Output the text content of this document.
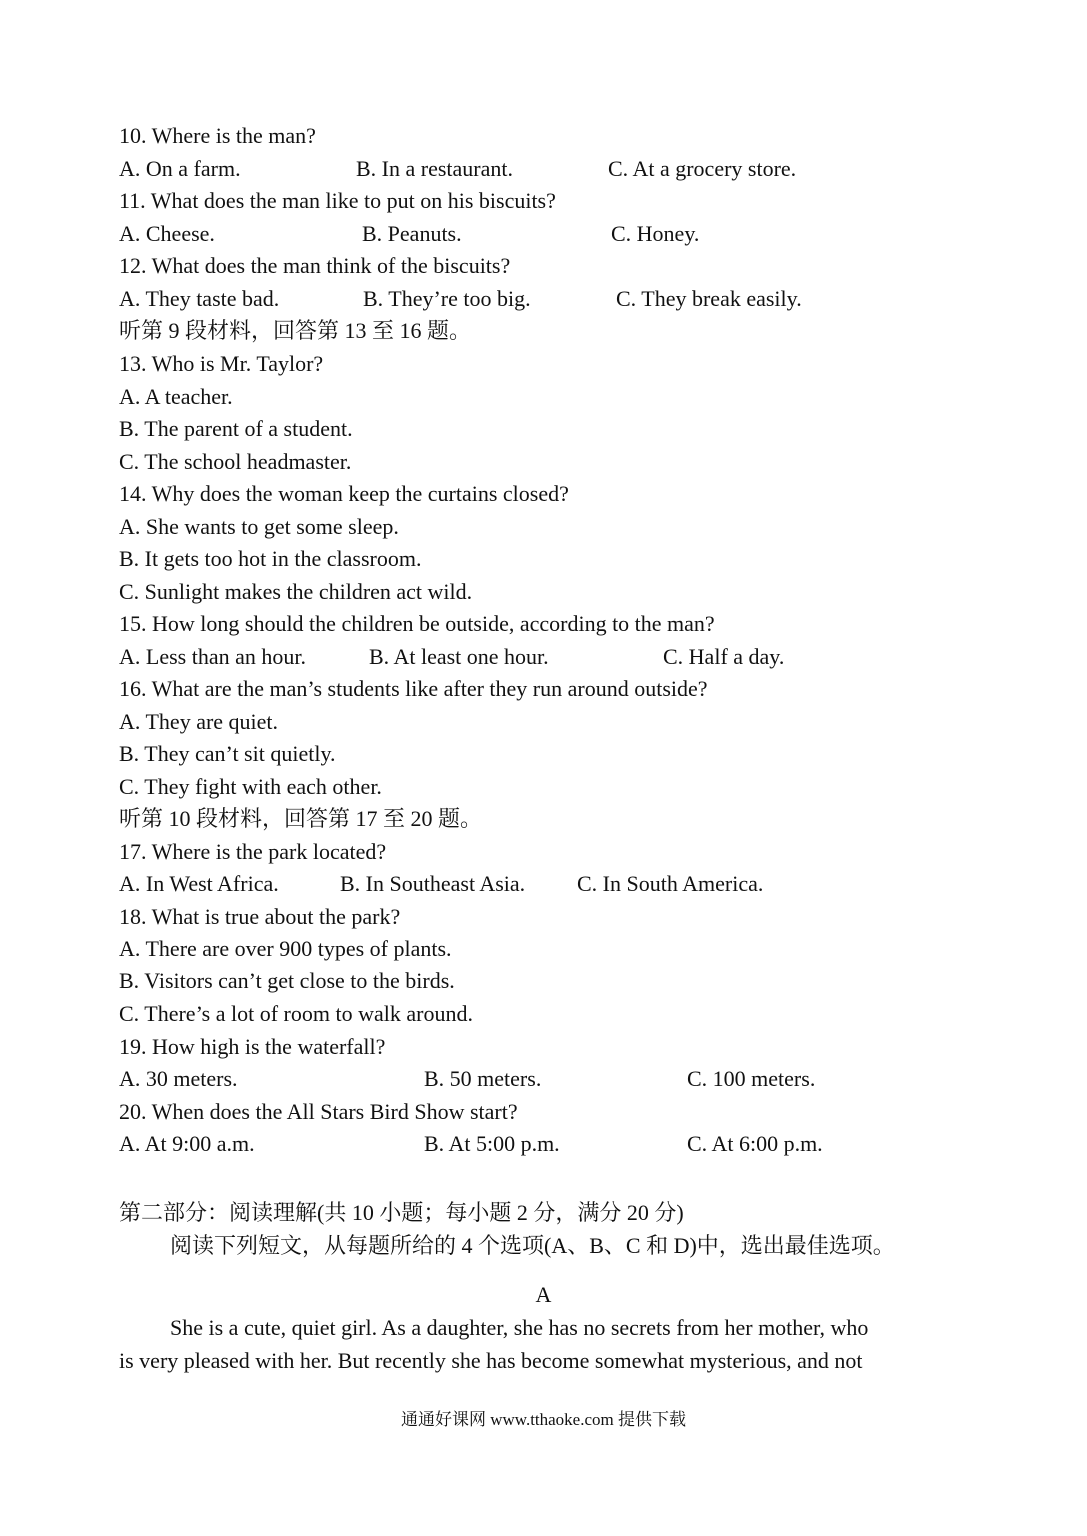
10. Where is the man?
A. On a farm.	B. In a restaurant.	C. At a grocery store.
11. What does the man like to put on his biscuits?
A. Cheese.	B. Peanuts.	C. Honey.
12. What does the man think of the biscuits?
A. They taste bad.	B. They’re too big.	C. They break easily.
听第 9 段材料，回答第 13 至 16 题。
13. Who is Mr. Taylor?
A. A teacher.
B. The parent of a student.
C. The school headmaster.
14. Why does the woman keep the curtains closed?
A. She wants to get some sleep.
B. It gets too hot in the classroom.
C. Sunlight makes the children act wild.
15. How long should the children be outside, according to the man?
A. Less than an hour.	B. At least one hour.	C. Half a day.
16. What are the man’s students like after they run around outside?
A. They are quiet.
B. They can’t sit quietly.
C. They fight with each other.
听第 10 段材料，回答第 17 至 20 题。
17. Where is the park located?
A. In West Africa.	B. In Southeast Asia. C. In South America.
18. What is true about the park?
A. There are over 900 types of plants.
B. Visitors can’t get close to the birds.
C. There’s a lot of room to walk around.
19. How high is the waterfall?
A. 30 meters.	B. 50 meters.	C. 100 meters.
20. When does the All Stars Bird Show start?
A. At 9:00 a.m.	B. At 5:00 p.m.	C. At 6:00 p.m.
第二部分：阅读理解(共 10 小题；每小题 2 分，满分 20 分)
阅读下列短文，从每题所给的 4 个选项(A、B、C 和 D)中，选出最佳选项。
A
She is a cute, quiet girl. As a daughter, she has no secrets from her mother, who
is very pleased with her. But recently she has become somewhat mysterious, and not
通通好课网 www.tthaoke.com 提供下载
